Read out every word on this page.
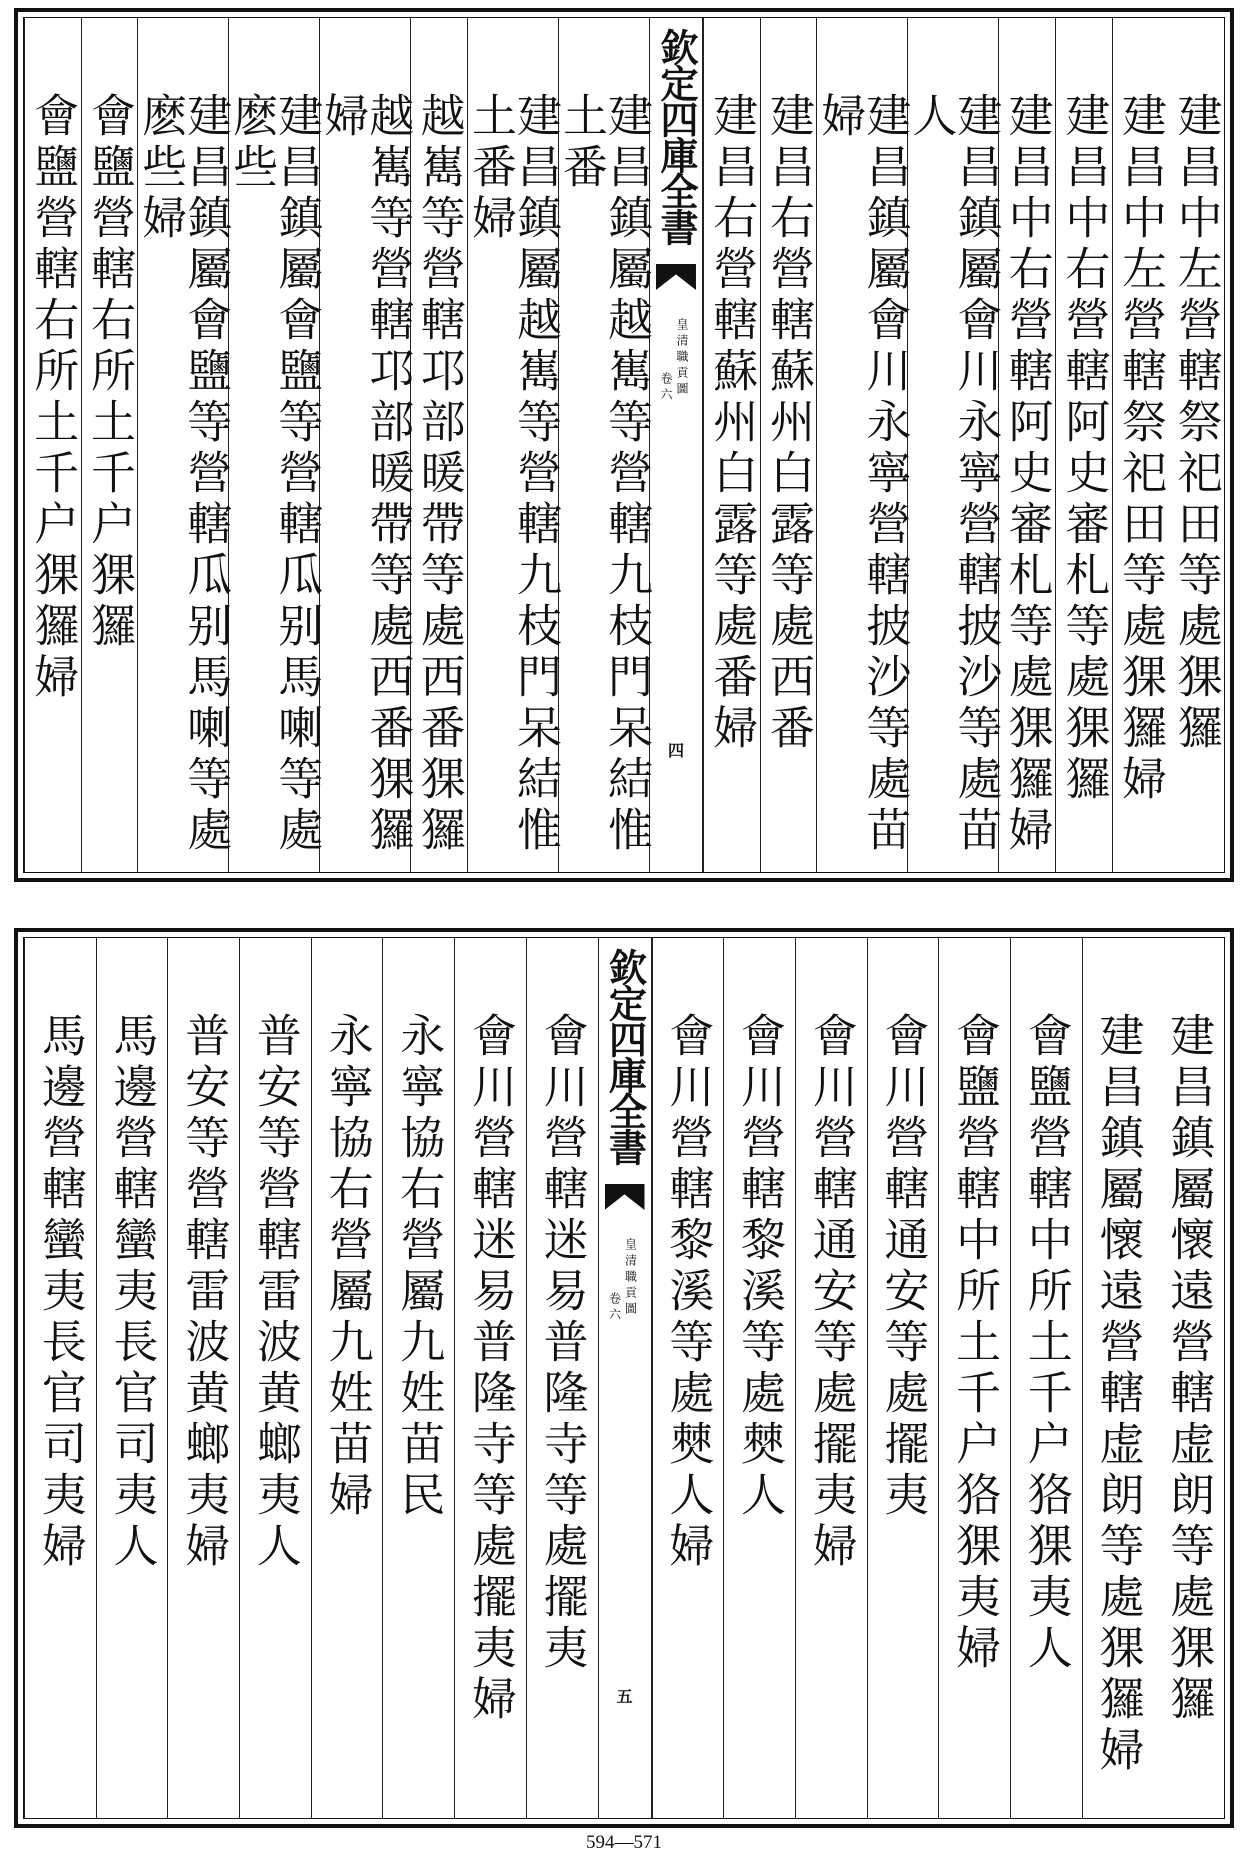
建昌中左營轄祭祀田等處猓玀
建昌中左營轄祭祀田等處猓玀婦
建昌中右營轄阿史審札等處猓玀
建昌中右營轄阿史審札等處猓玀婦
建昌鎮屬會川永寧營轄披沙等處苗人
建昌鎮屬會川永寧營轄披沙等處苗婦
建昌右營轄蘇州白露等處西番
建昌右營轄蘇州白露等處番婦
欽定四庫全書
皇清職貢圖
卷六
四
建昌鎮屬越嶲等營轄九枝門呆結惟土番
建昌鎮屬越嶲等營轄九枝門呆結惟土番婦
越嶲等營轄邛部暖帶等處西番猓玀
越嶲等營轄邛部暖帶等處西番猓玀婦
建昌鎮屬會鹽等營轄瓜别馬喇等處麽些
建昌鎮屬會鹽等營轄瓜别馬喇等處麽些婦
會鹽營轄右所土千户猓玀
會鹽營轄右所土千户猓玀婦
建昌鎮屬懷遠營轄虚朗等處猓玀
建昌鎮屬懷遠營轄虚朗等處猓玀婦
會鹽營轄中所土千户狢猓夷人
會鹽營轄中所土千户狢猓夷婦
會川營轄通安等處擺夷
會川營轄通安等處擺夷婦
會川營轄黎溪等處僰人
會川營轄黎溪等處僰人婦
欽定四庫全書
皇清職貢圖
卷六
五
會川營轄迷易普隆寺等處擺夷
會川營轄迷易普隆寺等處擺夷婦
永寧協右營屬九姓苗民
永寧協右營屬九姓苗婦
普安等營轄雷波黄螂夷人
普安等營轄雷波黄螂夷婦
馬邊營轄蠻夷長官司夷人
馬邊營轄蠻夷長官司夷婦
594—571
